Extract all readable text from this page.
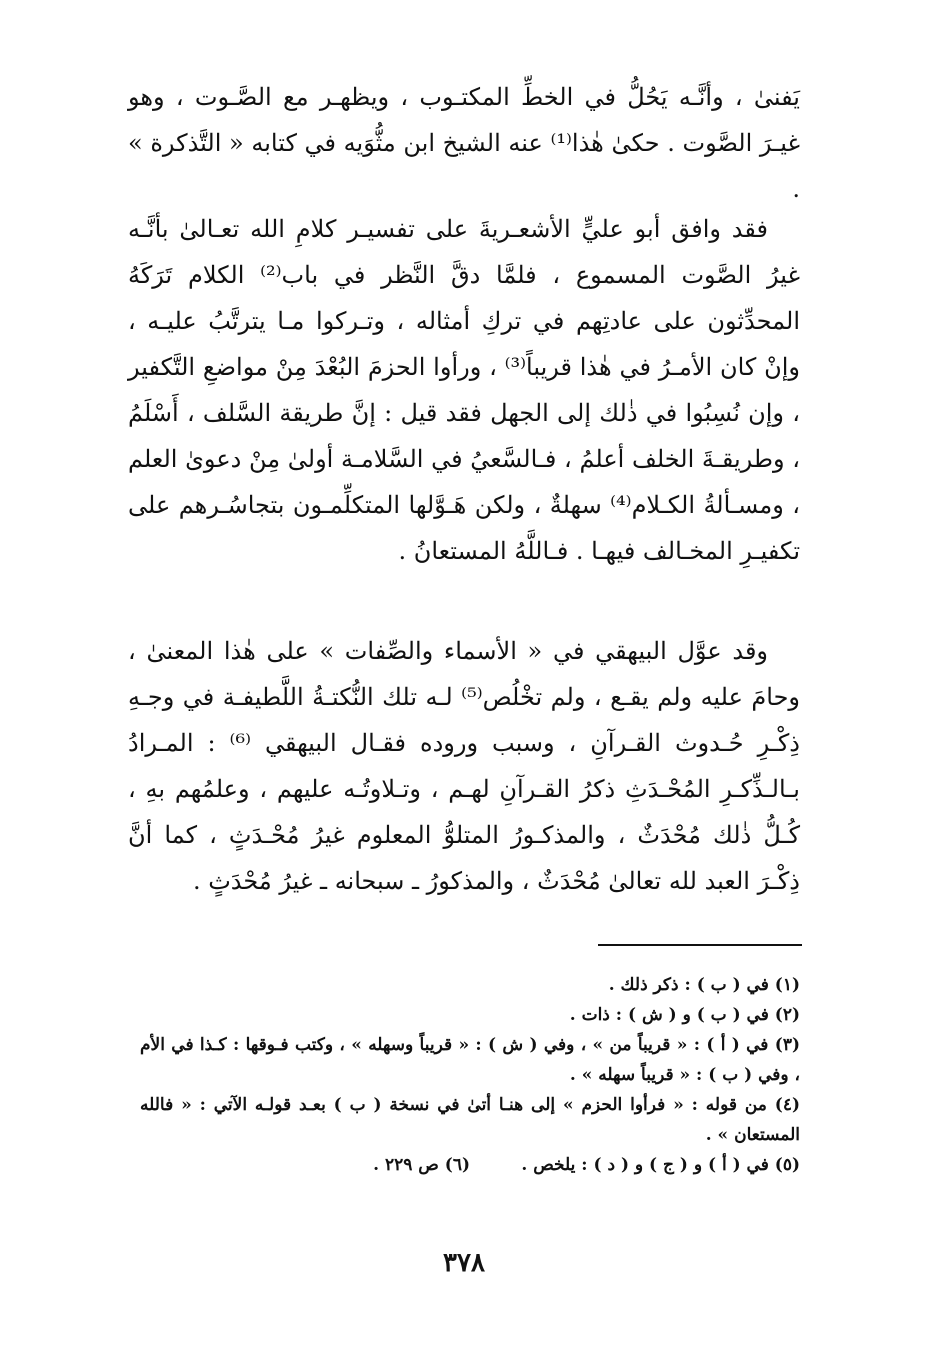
يَفنىٰ ، وأنَّـه يَحُلُّ في الخطِّ المكتـوب ، ويظهـر مع الصَّـوت ، وهو غيـرَ الصَّوت . حكىٰ هٰذا⁽¹⁾ عنه الشيخ ابن مثُّوَيه في كتابه « التَّذكرة » .

فقد وافق أبو عليٍّ الأشعـريةَ على تفسيـر كلامِ الله تعـالىٰ بأنَّـه غيرُ الصَّوت المسموع ، فلمَّا دقَّ النَّظر في باب⁽²⁾ الكلام تَرَكَهُ المحدِّثون على عادتِهم في تركِ أمثاله ، وتـركوا مـا يترتَّبُ عليـه ، وإنْ كان الأمـرُ في هٰذا قريباً⁽³⁾ ، ورأوا الحزمَ البُعْدَ مِنْ مواضعِ التَّكفير ، وإن نُسِبُوا في ذٰلك إلى الجهل فقد قيل : إنَّ طريقة السَّلف ، أَسْلَمُ ، وطريقـةَ الخلف أعلمُ ، فـالسَّعيُ في السَّلامـة أولىٰ مِنْ دعوىٰ العلم ، ومسـألةُ الكـلام⁽⁴⁾ سهلةٌ ، ولكن هَـوَّلها المتكلِّمـون بتجاسُـرهم على تكفيـرِ المخـالف فيهـا . فـاللَّهُ المستعانُ .

وقد عوَّل البيهقي في « الأسماء والصِّفات » على هٰذا المعنىٰ ، وحامَ عليه ولم يقـع ، ولم تخْلُص⁽⁵⁾ لـه تلك النُّكتـةُ اللَّطيفـة في وجـهِ ذِكْـرِ حُـدوث القـرآنِ ، وسبب وروده فقـال البيهقي ⁽⁶⁾ : المـرادُ بـالـذِّكـرِ المُحْـدَثِ ذكرُ القـرآنِ لهـم ، وتـلاوتُـه عليهم ، وعلمُهم بهِ ، كُـلُّ ذٰلك مُحْدَثٌ ، والمذكـورُ المتلوُّ المعلوم غيرُ مُحْـدَثٍ ، كما أنَّ ذِكْـرَ العبد لله تعالىٰ مُحْدَثٌ ، والمذكورُ ـ سبحانه ـ غيرُ مُحْدَثٍ .

(١) في ( ب ) : ذكر ذلك .

(٢) في ( ب ) و ( ش ) : ذات .

(٣) في ( أ ) : « قريباً من » ، وفي ( ش ) : « قريباً وسهله » ، وكتب فـوقها : كـذا في الأم ، وفي ( ب ) : « قريباً سهله » .

(٤) من قوله : « فرأوا الحزم » إلى هنـا أتىٰ في نسخة ( ب ) بعـد قولـه الآتي : « فالله المستعان » .

(٥) في ( أ ) و ( ج ) و ( د ) : يلخص .
(٦) ص ٢٢٩ .
٣٧٨
